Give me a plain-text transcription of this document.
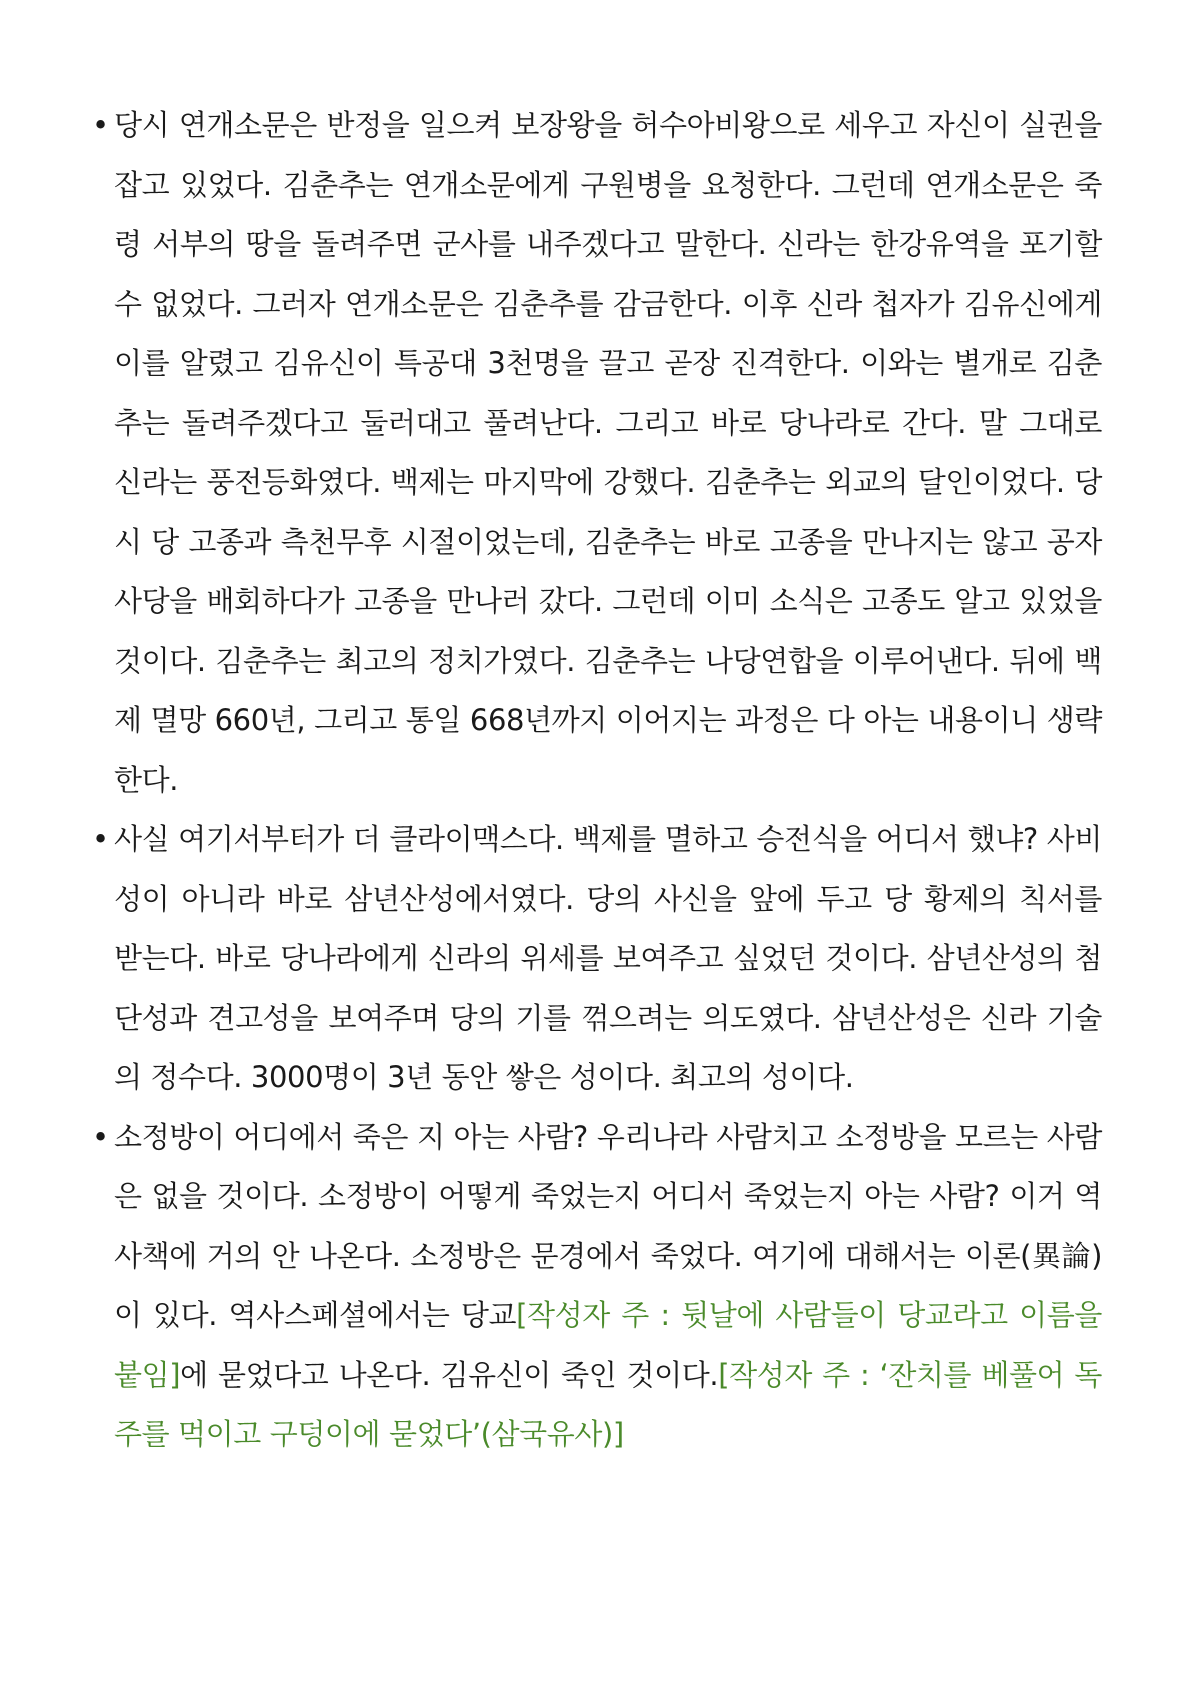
• 당시 연개소문은 반정을 일으켜 보장왕을 허수아비왕으로 세우고 자신이 실권을 잡고 있었다. 김춘추는 연개소문에게 구원병을 요청한다. 그런데 연개소문은 죽령 서부의 땅을 돌려주면 군사를 내주겠다고 말한다. 신라는 한강유역을 포기할 수 없었다. 그러자 연개소문은 김춘추를 감금한다. 이후 신라 첩자가 김유신에게 이를 알렸고 김유신이 특공대 3천명을 끌고 곧장 진격한다. 이와는 별개로 김춘추는 돌려주겠다고 둘러대고 풀려난다. 그리고 바로 당나라로 간다. 말 그대로 신라는 풍전등화였다. 백제는 마지막에 강했다. 김춘추는 외교의 달인이었다. 당시 당 고종과 측천무후 시절이었는데, 김춘추는 바로 고종을 만나지는 않고 공자 사당을 배회하다가 고종을 만나러 갔다. 그런데 이미 소식은 고종도 알고 있었을 것이다. 김춘추는 최고의 정치가였다. 김춘추는 나당연합을 이루어낸다. 뒤에 백제 멸망 660년, 그리고 통일 668년까지 이어지는 과정은 다 아는 내용이니 생략한다.
• 사실 여기서부터가 더 클라이맥스다. 백제를 멸하고 승전식을 어디서 했냐? 사비성이 아니라 바로 삼년산성에서였다. 당의 사신을 앞에 두고 당 황제의 칙서를 받는다. 바로 당나라에게 신라의 위세를 보여주고 싶었던 것이다. 삼년산성의 첨단성과 견고성을 보여주며 당의 기를 꺾으려는 의도였다. 삼년산성은 신라 기술의 정수다. 3000명이 3년 동안 쌓은 성이다. 최고의 성이다.
• 소정방이 어디에서 죽은 지 아는 사람? 우리나라 사람치고 소정방을 모르는 사람은 없을 것이다. 소정방이 어떻게 죽었는지 어디서 죽었는지 아는 사람? 이거 역사책에 거의 안 나온다. 소정방은 문경에서 죽었다. 여기에 대해서는 이론(異論)이 있다. 역사스페셜에서는 당교[작성자 주 : 뒷날에 사람들이 당교라고 이름을 붙임]에 묻었다고 나온다. 김유신이 죽인 것이다.[작성자 주 : ‘잔치를 베풀어 독주를 먹이고 구덩이에 묻었다’(삼국유사)]
